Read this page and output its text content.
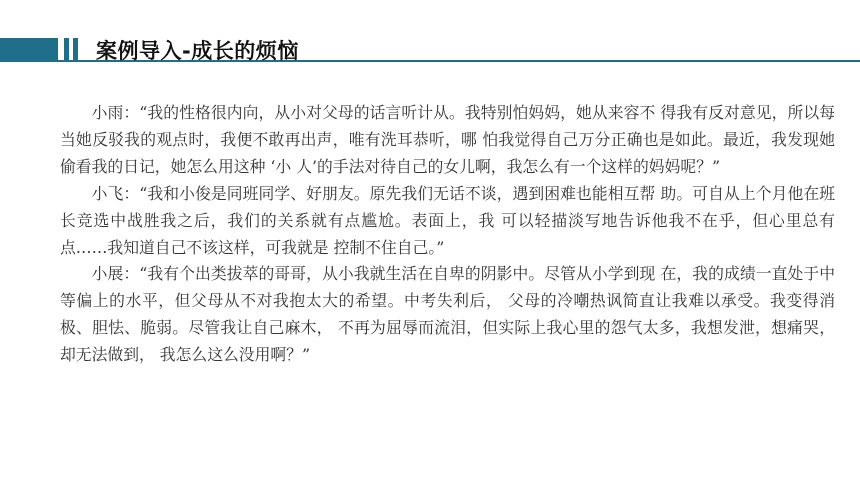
案例导入-成长的烦恼

小雨：“我的性格很内向，从小对父母的话言听计从。我特别怕妈妈，她从来容不 得我有反对意见，所以每当她反驳我的观点时，我便不敢再出声，唯有洗耳恭听，哪 怕我觉得自己万分正确也是如此。最近，我发现她偷看我的日记，她怎么用这种 ‘小 人’的手法对待自己的女儿啊，我怎么有一个这样的妈妈呢？”

小飞：“我和小俊是同班同学、好朋友。原先我们无话不谈，遇到困难也能相互帮 助。可自从上个月他在班长竞选中战胜我之后，我们的关系就有点尴尬。表面上，我 可以轻描淡写地告诉他我不在乎，但心里总有点……我知道自己不该这样，可我就是 控制不住自己。”

小展：“我有个出类拔萃的哥哥，从小我就生活在自卑的阴影中。尽管从小学到现 在，我的成绩一直处于中等偏上的水平，但父母从不对我抱太大的希望。中考失利后， 父母的冷嘲热讽简直让我难以承受。我变得消极、胆怯、脆弱。尽管我让自己麻木， 不再为屈辱而流泪，但实际上我心里的怨气太多，我想发泄，想痛哭，却无法做到， 我怎么这么没用啊？”
